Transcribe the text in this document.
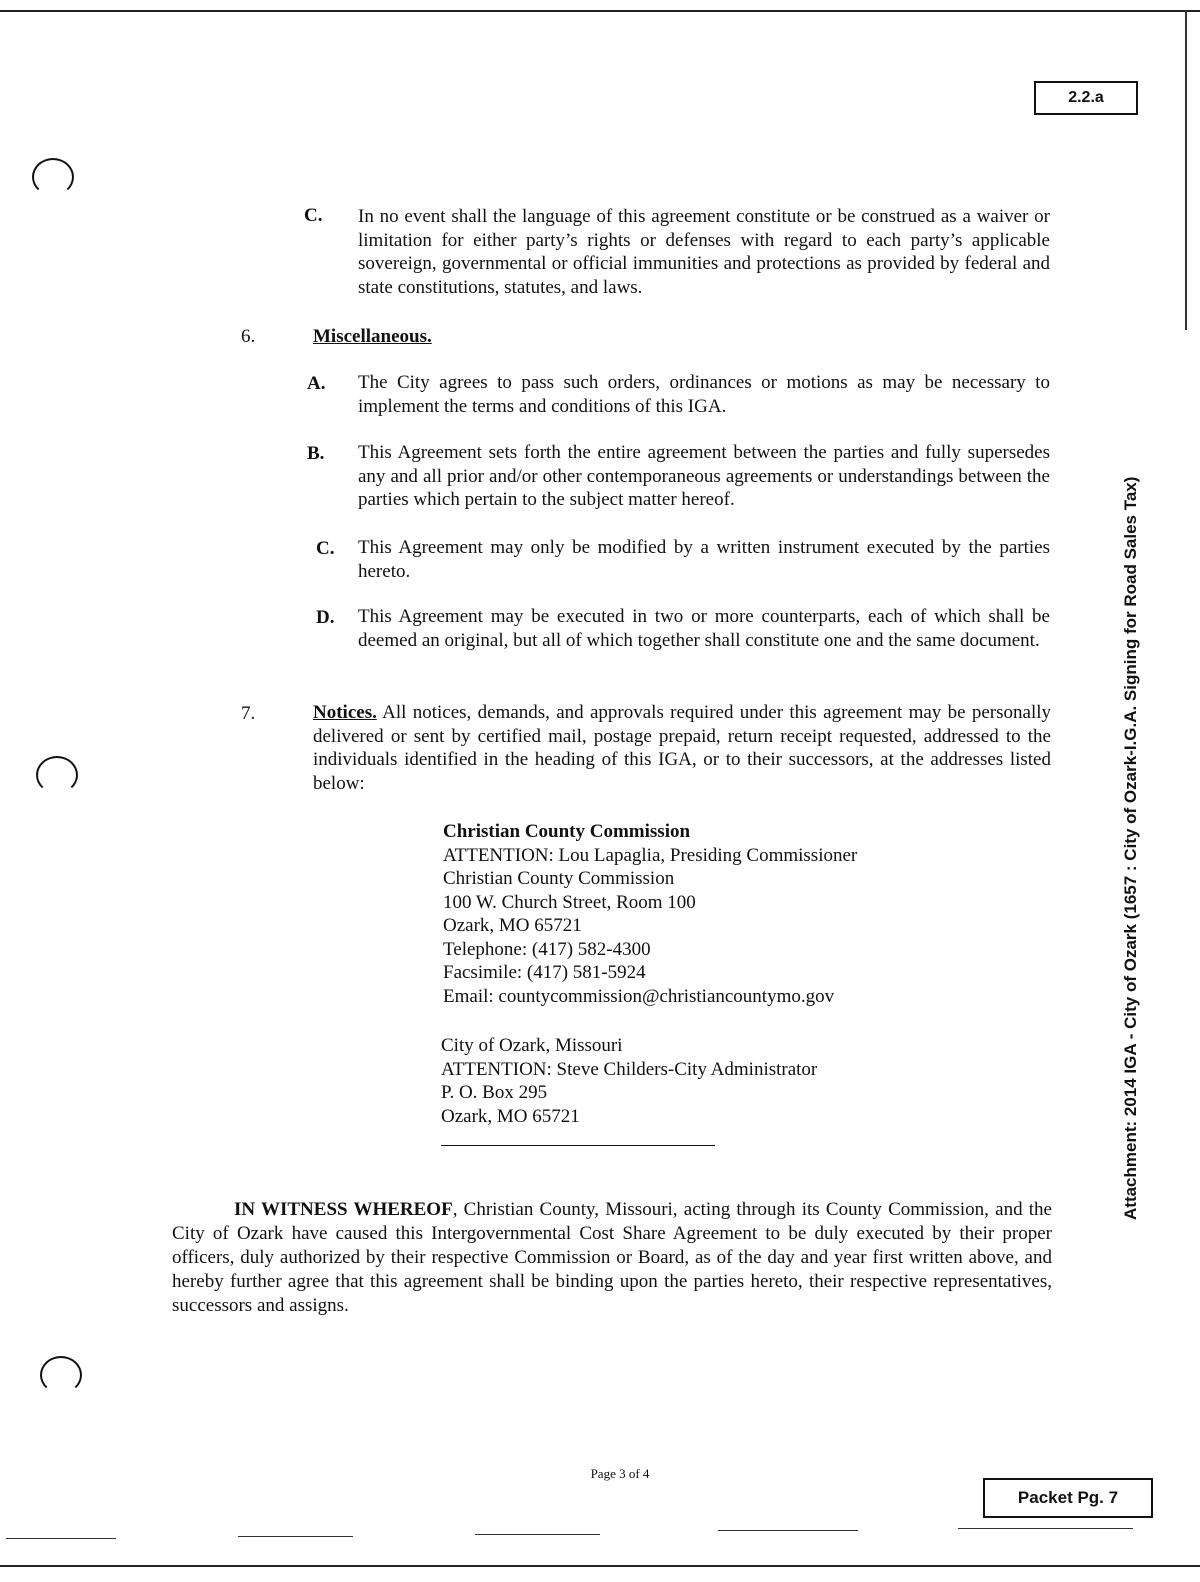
2.2.a
C. In no event shall the language of this agreement constitute or be construed as a waiver or limitation for either party’s rights or defenses with regard to each party’s applicable sovereign, governmental or official immunities and protections as provided by federal and state constitutions, statutes, and laws.
6.	Miscellaneous.
A. The City agrees to pass such orders, ordinances or motions as may be necessary to implement the terms and conditions of this IGA.
B. This Agreement sets forth the entire agreement between the parties and fully supersedes any and all prior and/or other contemporaneous agreements or understandings between the parties which pertain to the subject matter hereof.
C. This Agreement may only be modified by a written instrument executed by the parties hereto.
D. This Agreement may be executed in two or more counterparts, each of which shall be deemed an original, but all of which together shall constitute one and the same document.
7.	Notices. All notices, demands, and approvals required under this agreement may be personally delivered or sent by certified mail, postage prepaid, return receipt requested, addressed to the individuals identified in the heading of this IGA, or to their successors, at the addresses listed below:
Christian County Commission
ATTENTION: Lou Lapaglia, Presiding Commissioner
Christian County Commission
100 W. Church Street, Room 100
Ozark, MO 65721
Telephone: (417) 582-4300
Facsimile: (417) 581-5924
Email: countycommission@christiancountymo.gov
City of Ozark, Missouri
ATTENTION: Steve Childers-City Administrator
P. O. Box 295
Ozark, MO 65721
IN WITNESS WHEREOF, Christian County, Missouri, acting through its County Commission, and the City of Ozark have caused this Intergovernmental Cost Share Agreement to be duly executed by their proper officers, duly authorized by their respective Commission or Board, as of the day and year first written above, and hereby further agree that this agreement shall be binding upon the parties hereto, their respective representatives, successors and assigns.
Attachment: 2014 IGA - City of Ozark (1657 : City of Ozark-I.G.A. Signing for Road Sales Tax)
Page 3 of 4
Packet Pg. 7
